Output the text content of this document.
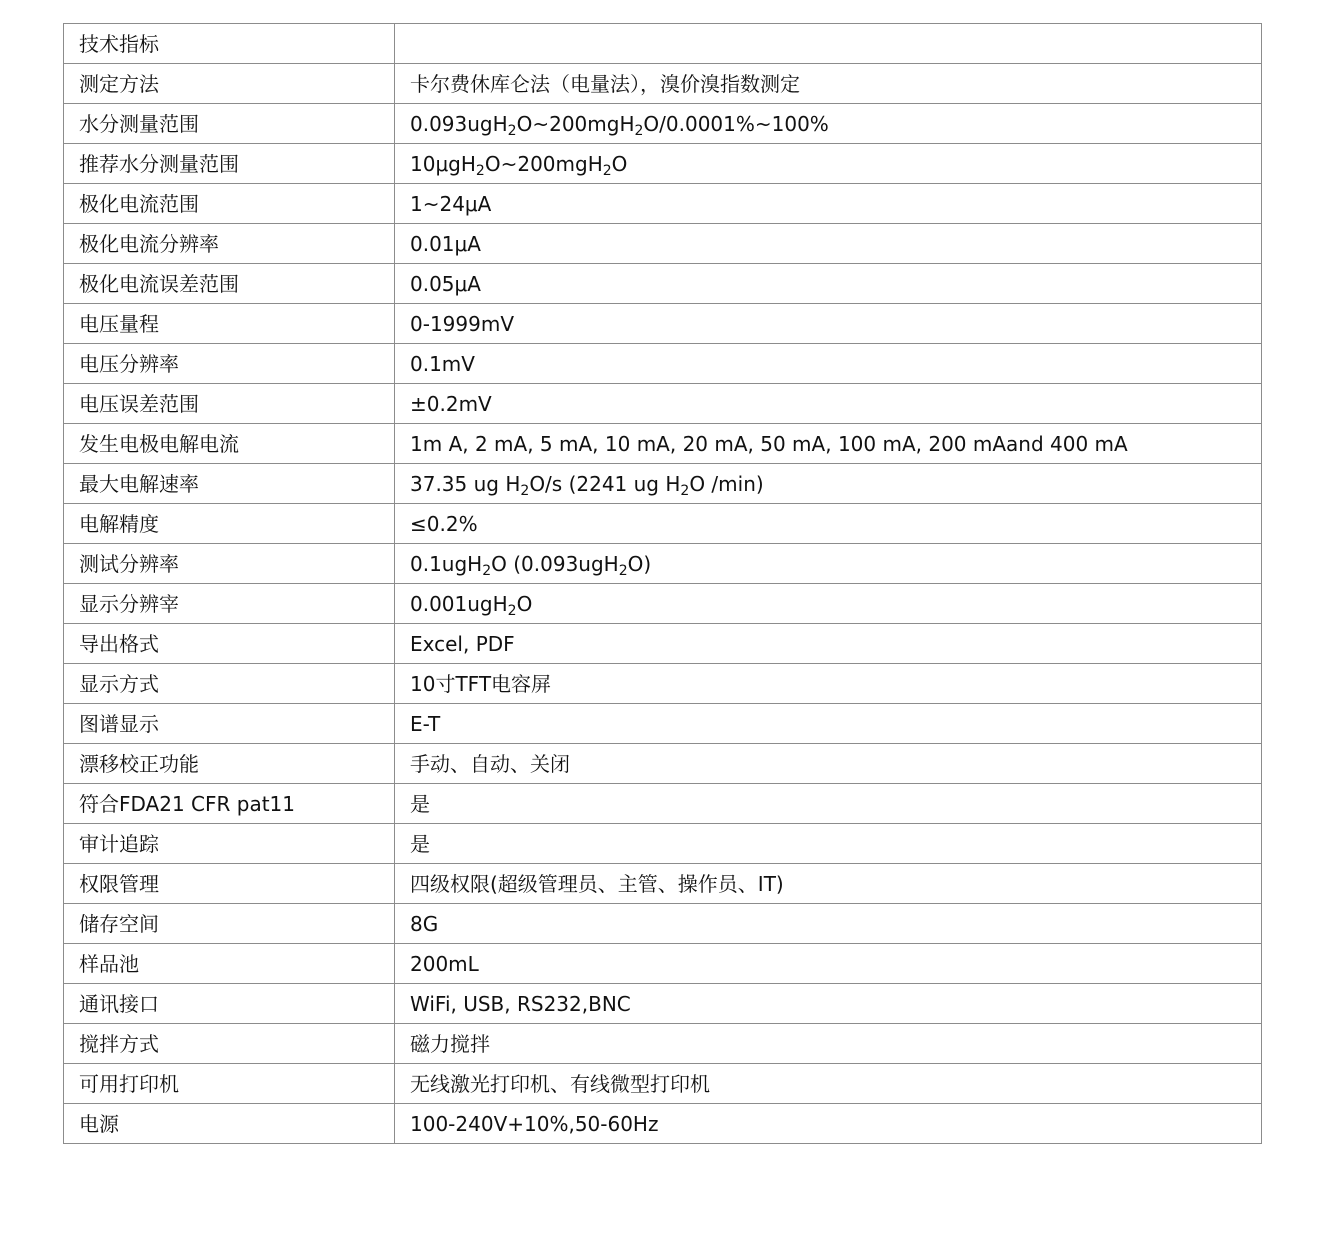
技术指标	
测定方法	卡尔费休库仑法（电量法），溴价溴指数测定
水分测量范围	0.093ugH$_2$O~200mgH$_2$O/0.0001%~100%
推荐水分测量范围	10μgH$_2$O~200mgH$_2$O
极化电流范围	1~24μA
极化电流分辨率	0.01μA
极化电流误差范围	0.05μA
电压量程	0-1999mV
电压分辨率	0.1mV
电压误差范围	±0.2mV
发生电极电解电流	1m A, 2 mA, 5 mA, 10 mA, 20 mA, 50 mA, 100 mA, 200 mAand 400 mA
最大电解速率	37.35 ug $H_2O/s$ (2241 ug $H_2O$ /min)
电解精度	≤0.2%
测试分辨率	0.1ugH$_2$O (0.093ugH$_2$O)
显示分辨宰	0.001ugH$_2$O
导出格式	Excel, PDF
显示方式	10寸TFT电容屏
图谱显示	E-T
漂移校正功能	手动、自动、关闭
符合FDA21 CFR pat11	是
审计追踪	是
权限管理	四级权限(超级管理员、主管、操作员、IT)
储存空间	8G
样品池	200mL
通讯接口	WiFi, USB, RS232,BNC
搅拌方式	磁力搅拌
可用打印机	无线激光打印机、有线微型打印机
电源	100-240V+10%,50-60Hz
